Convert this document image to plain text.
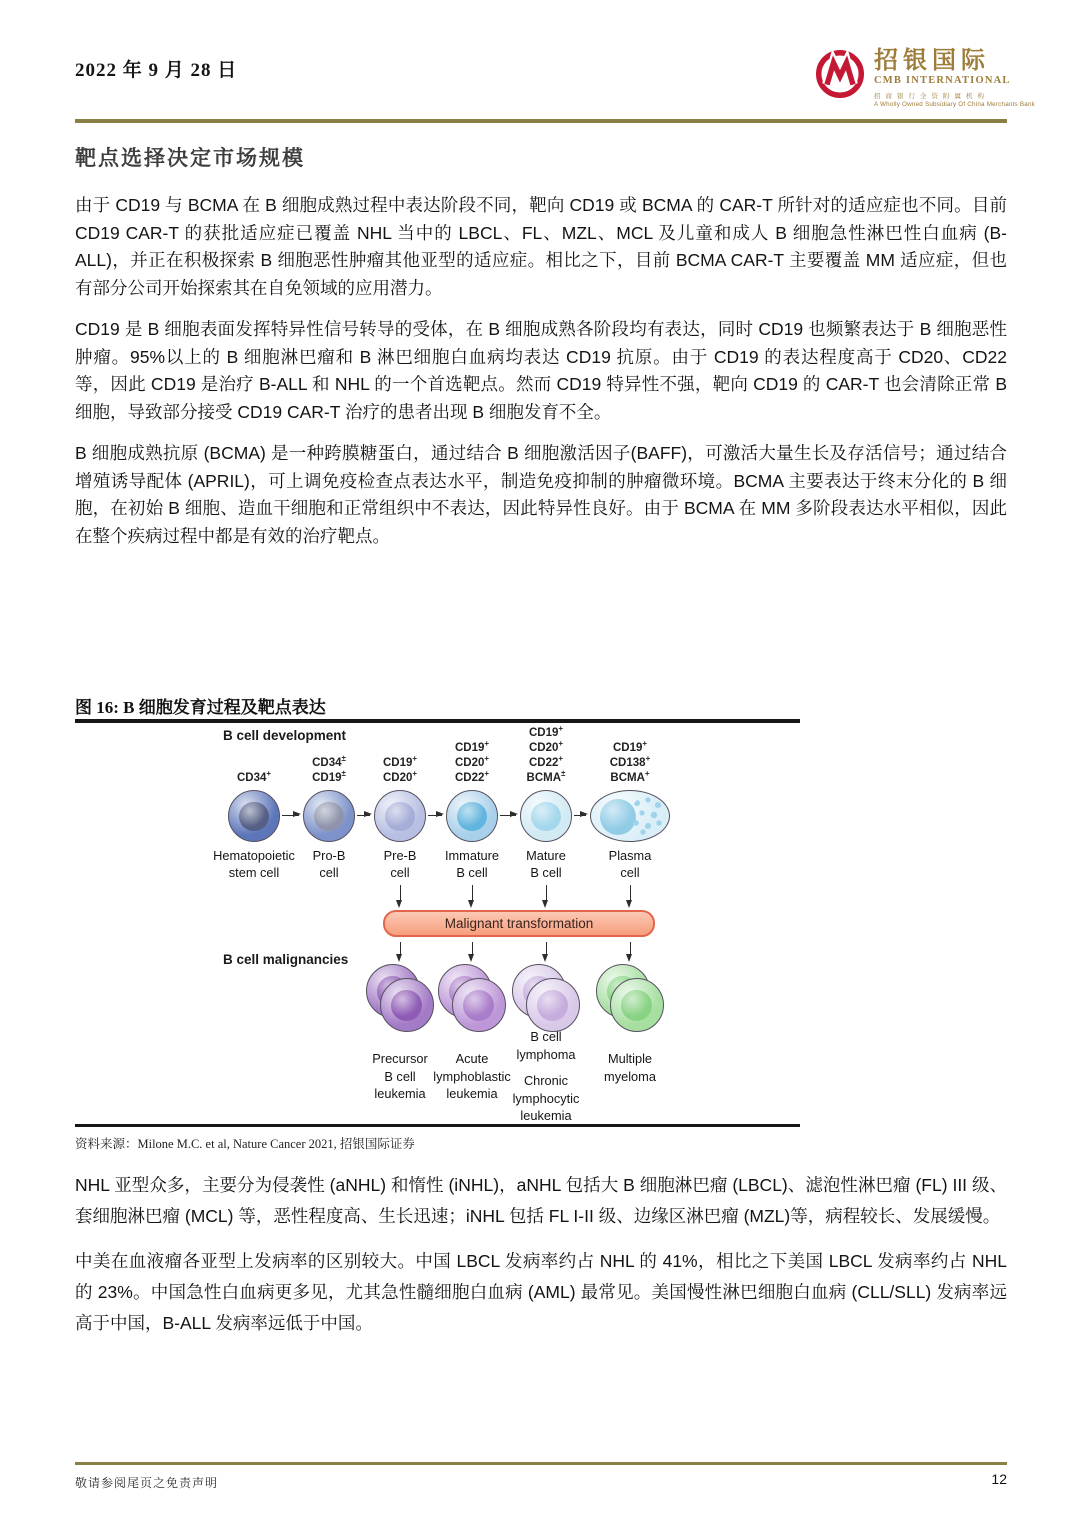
2022 年 9 月 28 日	招银国际
CMB INTERNATIONAL
招商银行全资附属机构
A Wholly Owned Subsidiary Of China Merchants Bank
靶点选择决定市场规模

由于 CD19 与 BCMA 在 B 细胞成熟过程中表达阶段不同，靶向 CD19 或 BCMA 的 CAR-T 所针对的适应症也不同。目前 CD19 CAR-T 的获批适应症已覆盖 NHL 当中的 LBCL、FL、MZL、MCL 及儿童和成人 B 细胞急性淋巴性白血病 (B-ALL)，并正在积极探索 B 细胞恶性肿瘤其他亚型的适应症。相比之下，目前 BCMA CAR-T 主要覆盖 MM 适应症，但也有部分公司开始探索其在自免领域的应用潜力。

CD19 是 B 细胞表面发挥特异性信号转导的受体，在 B 细胞成熟各阶段均有表达，同时 CD19 也频繁表达于 B 细胞恶性肿瘤。95%以上的 B 细胞淋巴瘤和 B 淋巴细胞白血病均表达 CD19 抗原。由于 CD19 的表达程度高于 CD20、CD22 等，因此 CD19 是治疗 B-ALL 和 NHL 的一个首选靶点。然而 CD19 特异性不强，靶向 CD19 的 CAR-T 也会清除正常 B 细胞，导致部分接受 CD19 CAR-T 治疗的患者出现 B 细胞发育不全。

B 细胞成熟抗原 (BCMA) 是一种跨膜糖蛋白，通过结合 B 细胞激活因子(BAFF)，可激活大量生长及存活信号；通过结合增殖诱导配体 (APRIL)，可上调免疫检查点表达水平，制造免疫抑制的肿瘤微环境。BCMA 主要表达于终末分化的 B 细胞，在初始 B 细胞、造血干细胞和正常组织中不表达，因此特异性良好。由于 BCMA 在 MM 多阶段表达水平相似，因此在整个疾病过程中都是有效的治疗靶点。

图 16: B 细胞发育过程及靶点表达
B cell development
B cell malignancies
CD34+
Hematopoietic
stem cell
CD34±
CD19±
Pro-B
cell
CD19+
CD20+
Pre-B
cell
CD19+
CD20+
CD22+
Immature
B cell
CD19+
CD20+
CD22+
BCMA±
Mature
B cell
CD19+
CD138+
BCMA+
Plasma
cell
Malignant transformation
Precursor
B cell
leukemia
Acute
lymphoblastic
leukemia
B cell
lymphoma
Chronic
lymphocytic
leukemia
Multiple
myeloma
资料来源：Milone M.C. et al, Nature Cancer 2021, 招银国际证券

NHL 亚型众多，主要分为侵袭性 (aNHL) 和惰性 (iNHL)，aNHL 包括大 B 细胞淋巴瘤 (LBCL)、滤泡性淋巴瘤 (FL) III 级、套细胞淋巴瘤 (MCL) 等，恶性程度高、生长迅速；iNHL 包括 FL I-II 级、边缘区淋巴瘤 (MZL)等，病程较长、发展缓慢。

中美在血液瘤各亚型上发病率的区别较大。中国 LBCL 发病率约占 NHL 的 41%，相比之下美国 LBCL 发病率约占 NHL 的 23%。中国急性白血病更多见，尤其急性髓细胞白血病 (AML) 最常见。美国慢性淋巴细胞白血病 (CLL/SLL) 发病率远高于中国，B-ALL 发病率远低于中国。

敬请参阅尾页之免责声明	12
